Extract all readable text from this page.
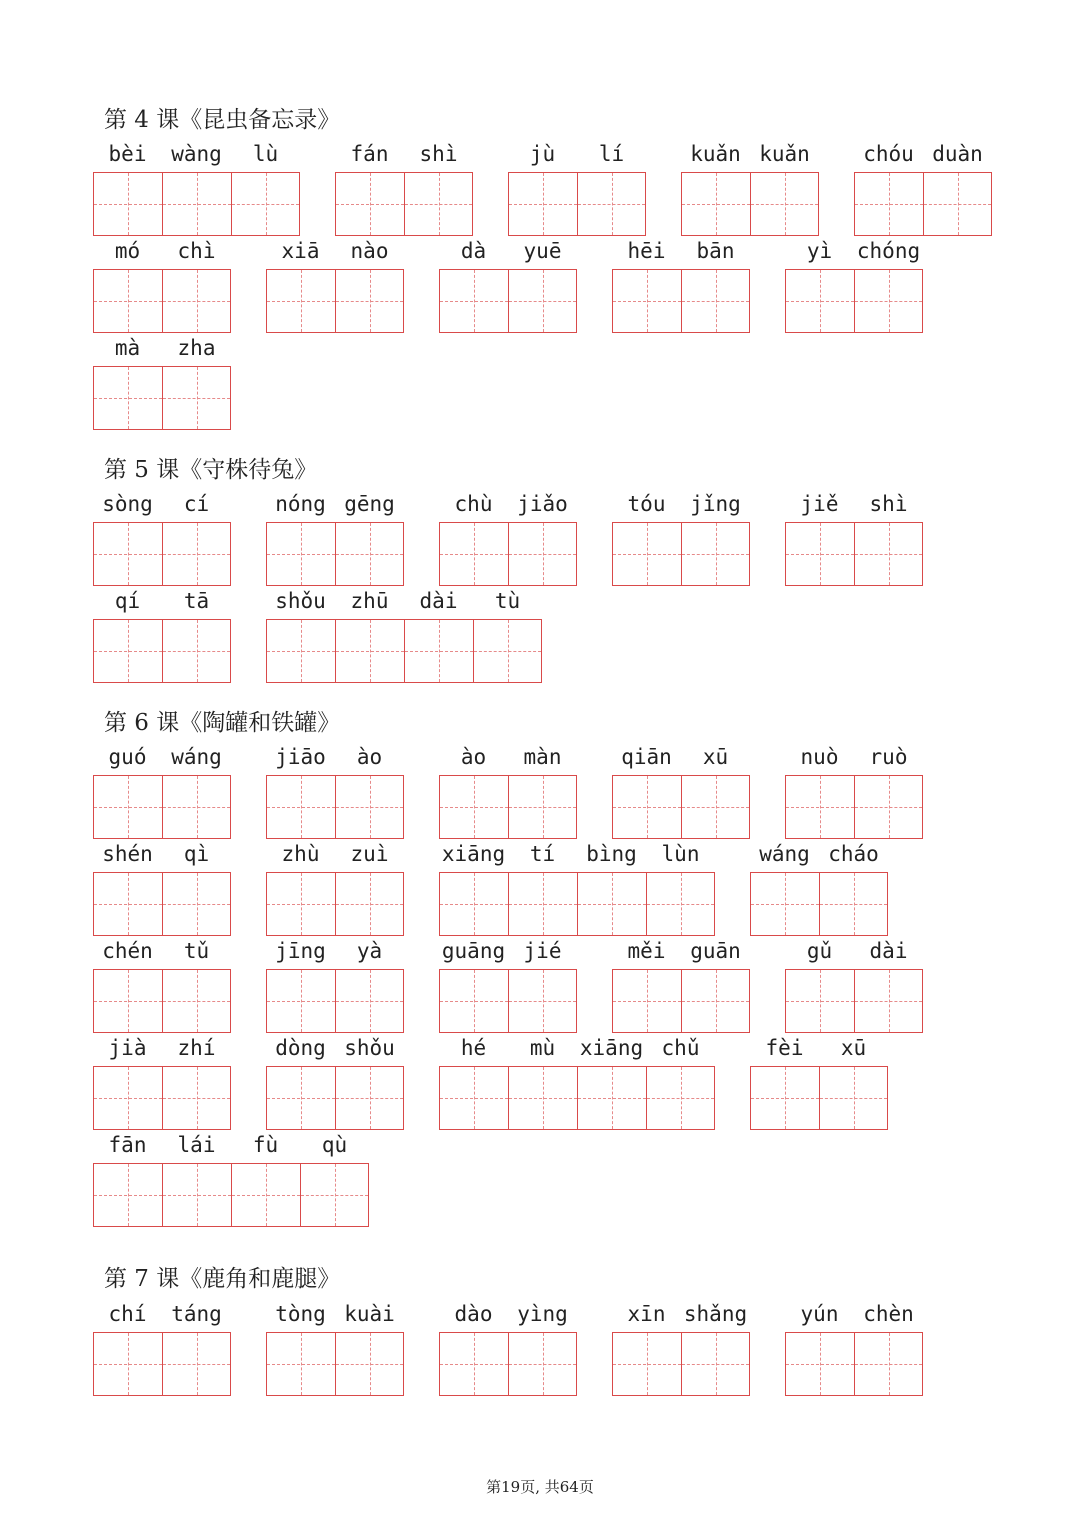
第 4 课《昆虫备忘录》
bèi	wàng	lù	fán	shì	jù	lí	kuǎn kuǎn	chóu duàn
mó	chì	xiā	nào	dà	yuē	hēi	bān	yì	chóng
mà	zha
第 5 课《守株待兔》
sòng	cí	nóng gēng	chù	jiǎo	tóu	jǐng	jiě	shì
qí	tā	shǒu	zhū	dài	tù
第 6 课《陶罐和铁罐》
guó	wáng	jiāo	ào	ào	màn	qiān	xū	nuò	ruò
shén	qì	zhù	zuì	xiāng	tí	bìng	lùn	wáng cháo
chén	tǔ	jīng	yà	guāng jié	měi	guān	gǔ	dài
jià	zhí	dòng shǒu	hé	mù	xiāng chǔ	fèi	xū
fān	lái	fù	qù
第 7 课《鹿角和鹿腿》
chí	táng	tòng kuài	dào	yìng	xīn shǎng	yún	chèn
第19页, 共64页
